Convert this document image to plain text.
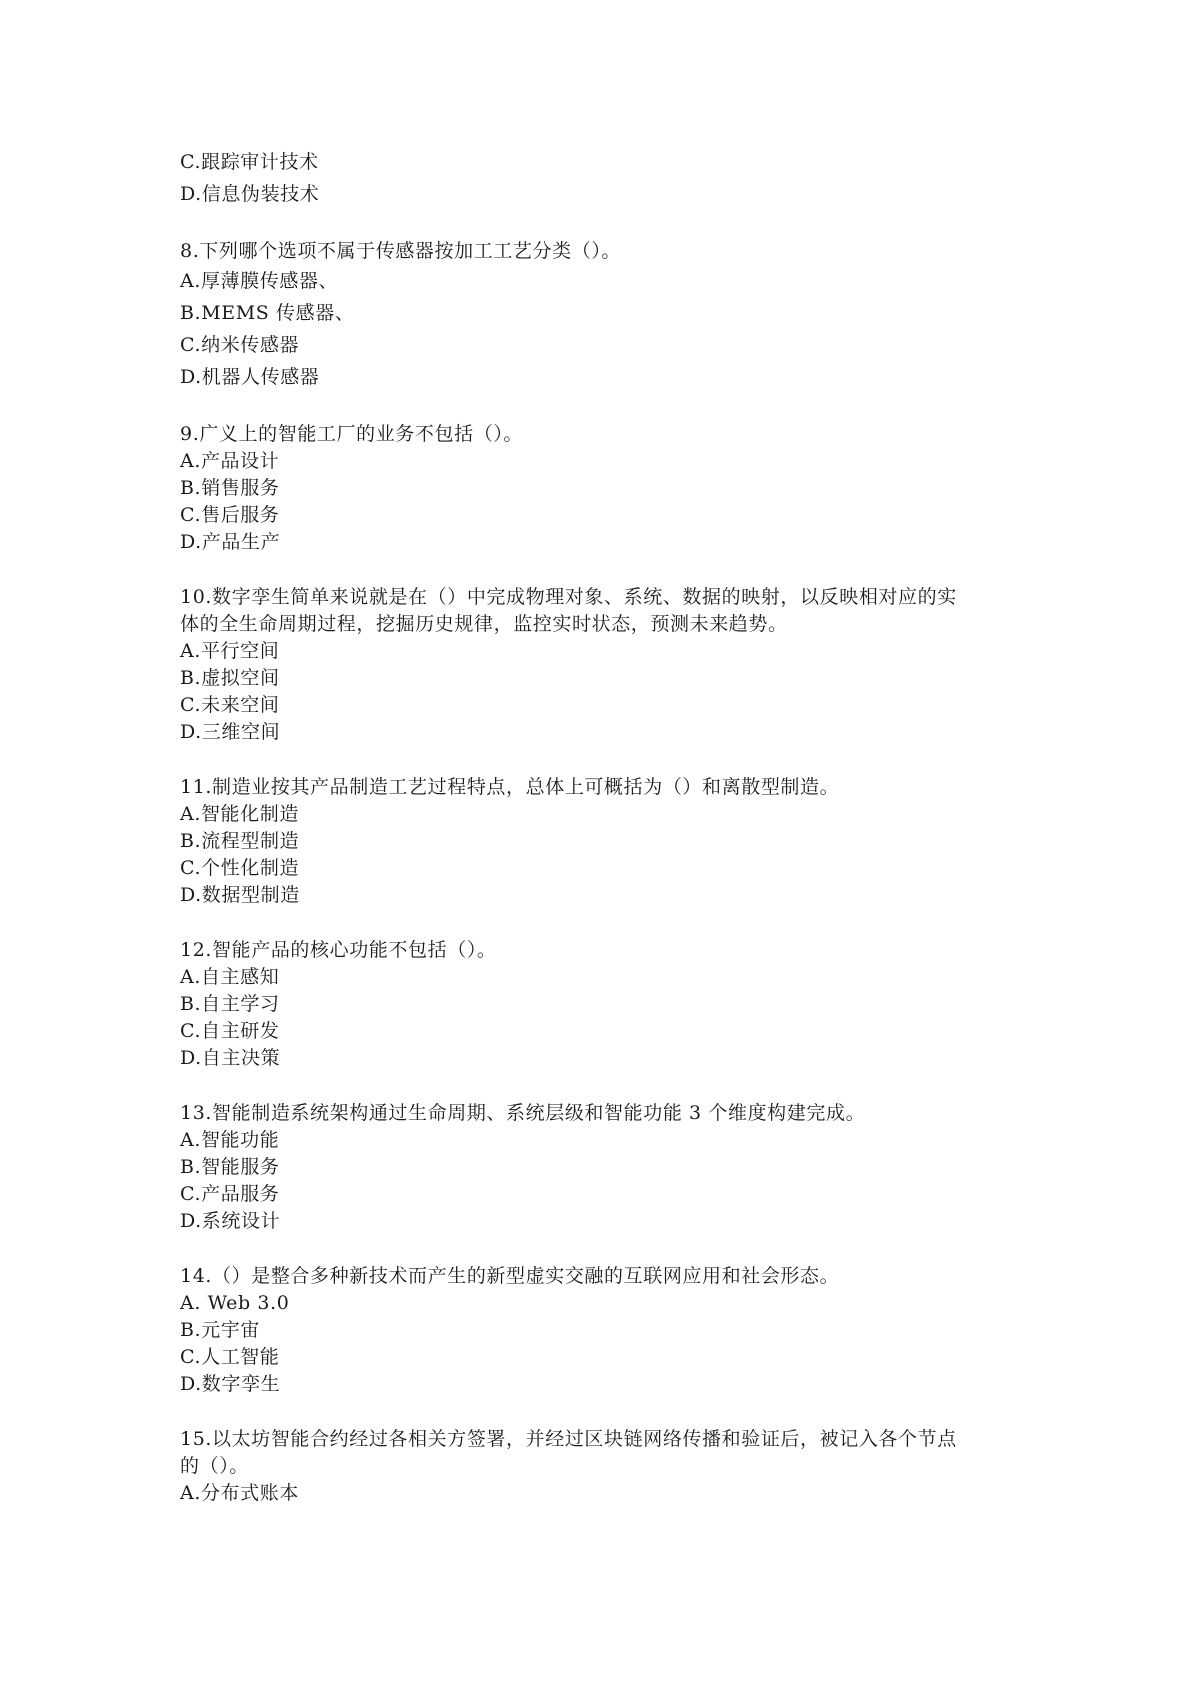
C.跟踪审计技术
D.信息伪装技术
8.下列哪个选项不属于传感器按加工工艺分类（）。
A.厚薄膜传感器、
B.MEMS 传感器、
C.纳米传感器
D.机器人传感器
9.广义上的智能工厂的业务不包括（）。
A.产品设计
B.销售服务
C.售后服务
D.产品生产
10.数字孪生简单来说就是在（）中完成物理对象、系统、数据的映射，以反映相对应的实
体的全生命周期过程，挖掘历史规律，监控实时状态，预测未来趋势。
A.平行空间
B.虚拟空间
C.未来空间
D.三维空间
11.制造业按其产品制造工艺过程特点，总体上可概括为（）和离散型制造。
A.智能化制造
B.流程型制造
C.个性化制造
D.数据型制造
12.智能产品的核心功能不包括（）。
A.自主感知
B.自主学习
C.自主研发
D.自主决策
13.智能制造系统架构通过生命周期、系统层级和智能功能 3 个维度构建完成。
A.智能功能
B.智能服务
C.产品服务
D.系统设计
14.（）是整合多种新技术而产生的新型虚实交融的互联网应用和社会形态。
A. Web 3.0
B.元宇宙
C.人工智能
D.数字孪生
15.以太坊智能合约经过各相关方签署，并经过区块链网络传播和验证后，被记入各个节点
的（）。
A.分布式账本
